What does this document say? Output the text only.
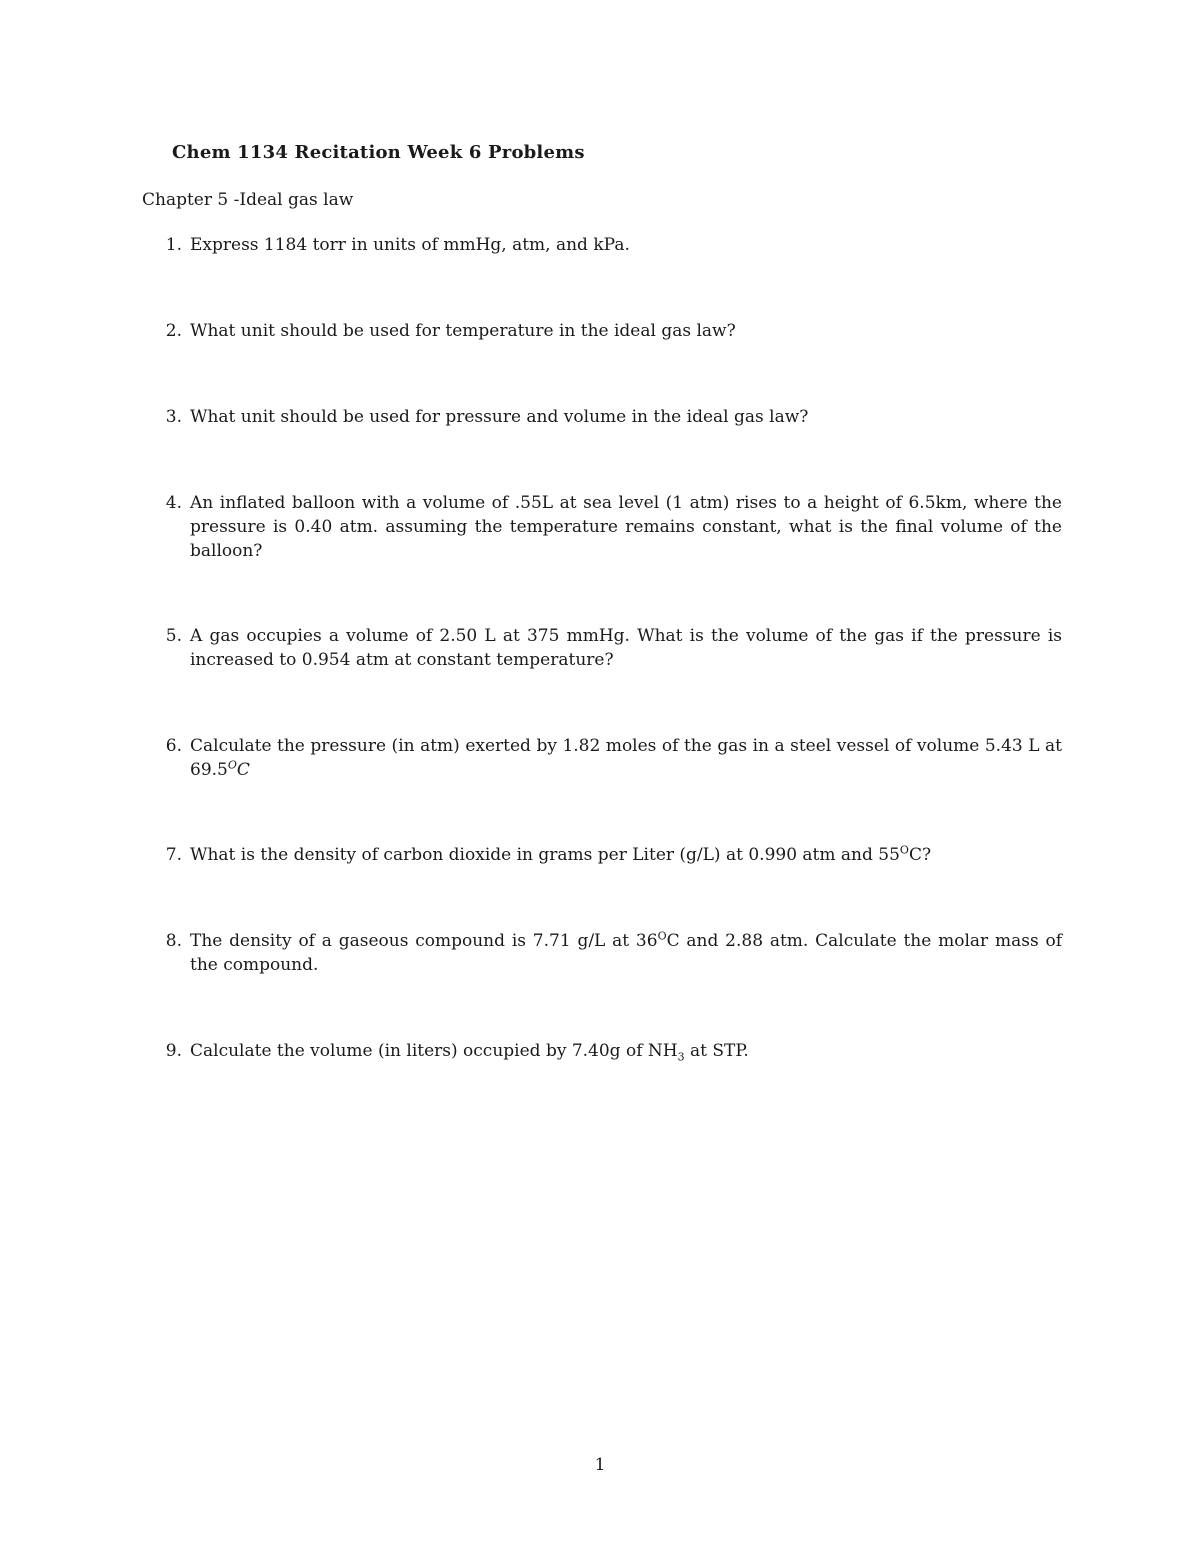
Chem 1134 Recitation Week 6 Problems
Chapter 5 -Ideal gas law
1. Express 1184 torr in units of mmHg, atm, and kPa.
2. What unit should be used for temperature in the ideal gas law?
3. What unit should be used for pressure and volume in the ideal gas law?
4. An inflated balloon with a volume of .55L at sea level (1 atm) rises to a height of 6.5km, where the pressure is 0.40 atm. assuming the temperature remains constant, what is the final volume of the balloon?
5. A gas occupies a volume of 2.50 L at 375 mmHg. What is the volume of the gas if the pressure is increased to 0.954 atm at constant temperature?
6. Calculate the pressure (in atm) exerted by 1.82 moles of the gas in a steel vessel of volume 5.43 L at $69.5^OC$
7. What is the density of carbon dioxide in grams per Liter (g/L) at 0.990 atm and $55^OC$?
8. The density of a gaseous compound is 7.71 g/L at $36^OC$ and 2.88 atm. Calculate the molar mass of the compound.
9. Calculate the volume (in liters) occupied by 7.40g of $NH_3$ at STP.
1
